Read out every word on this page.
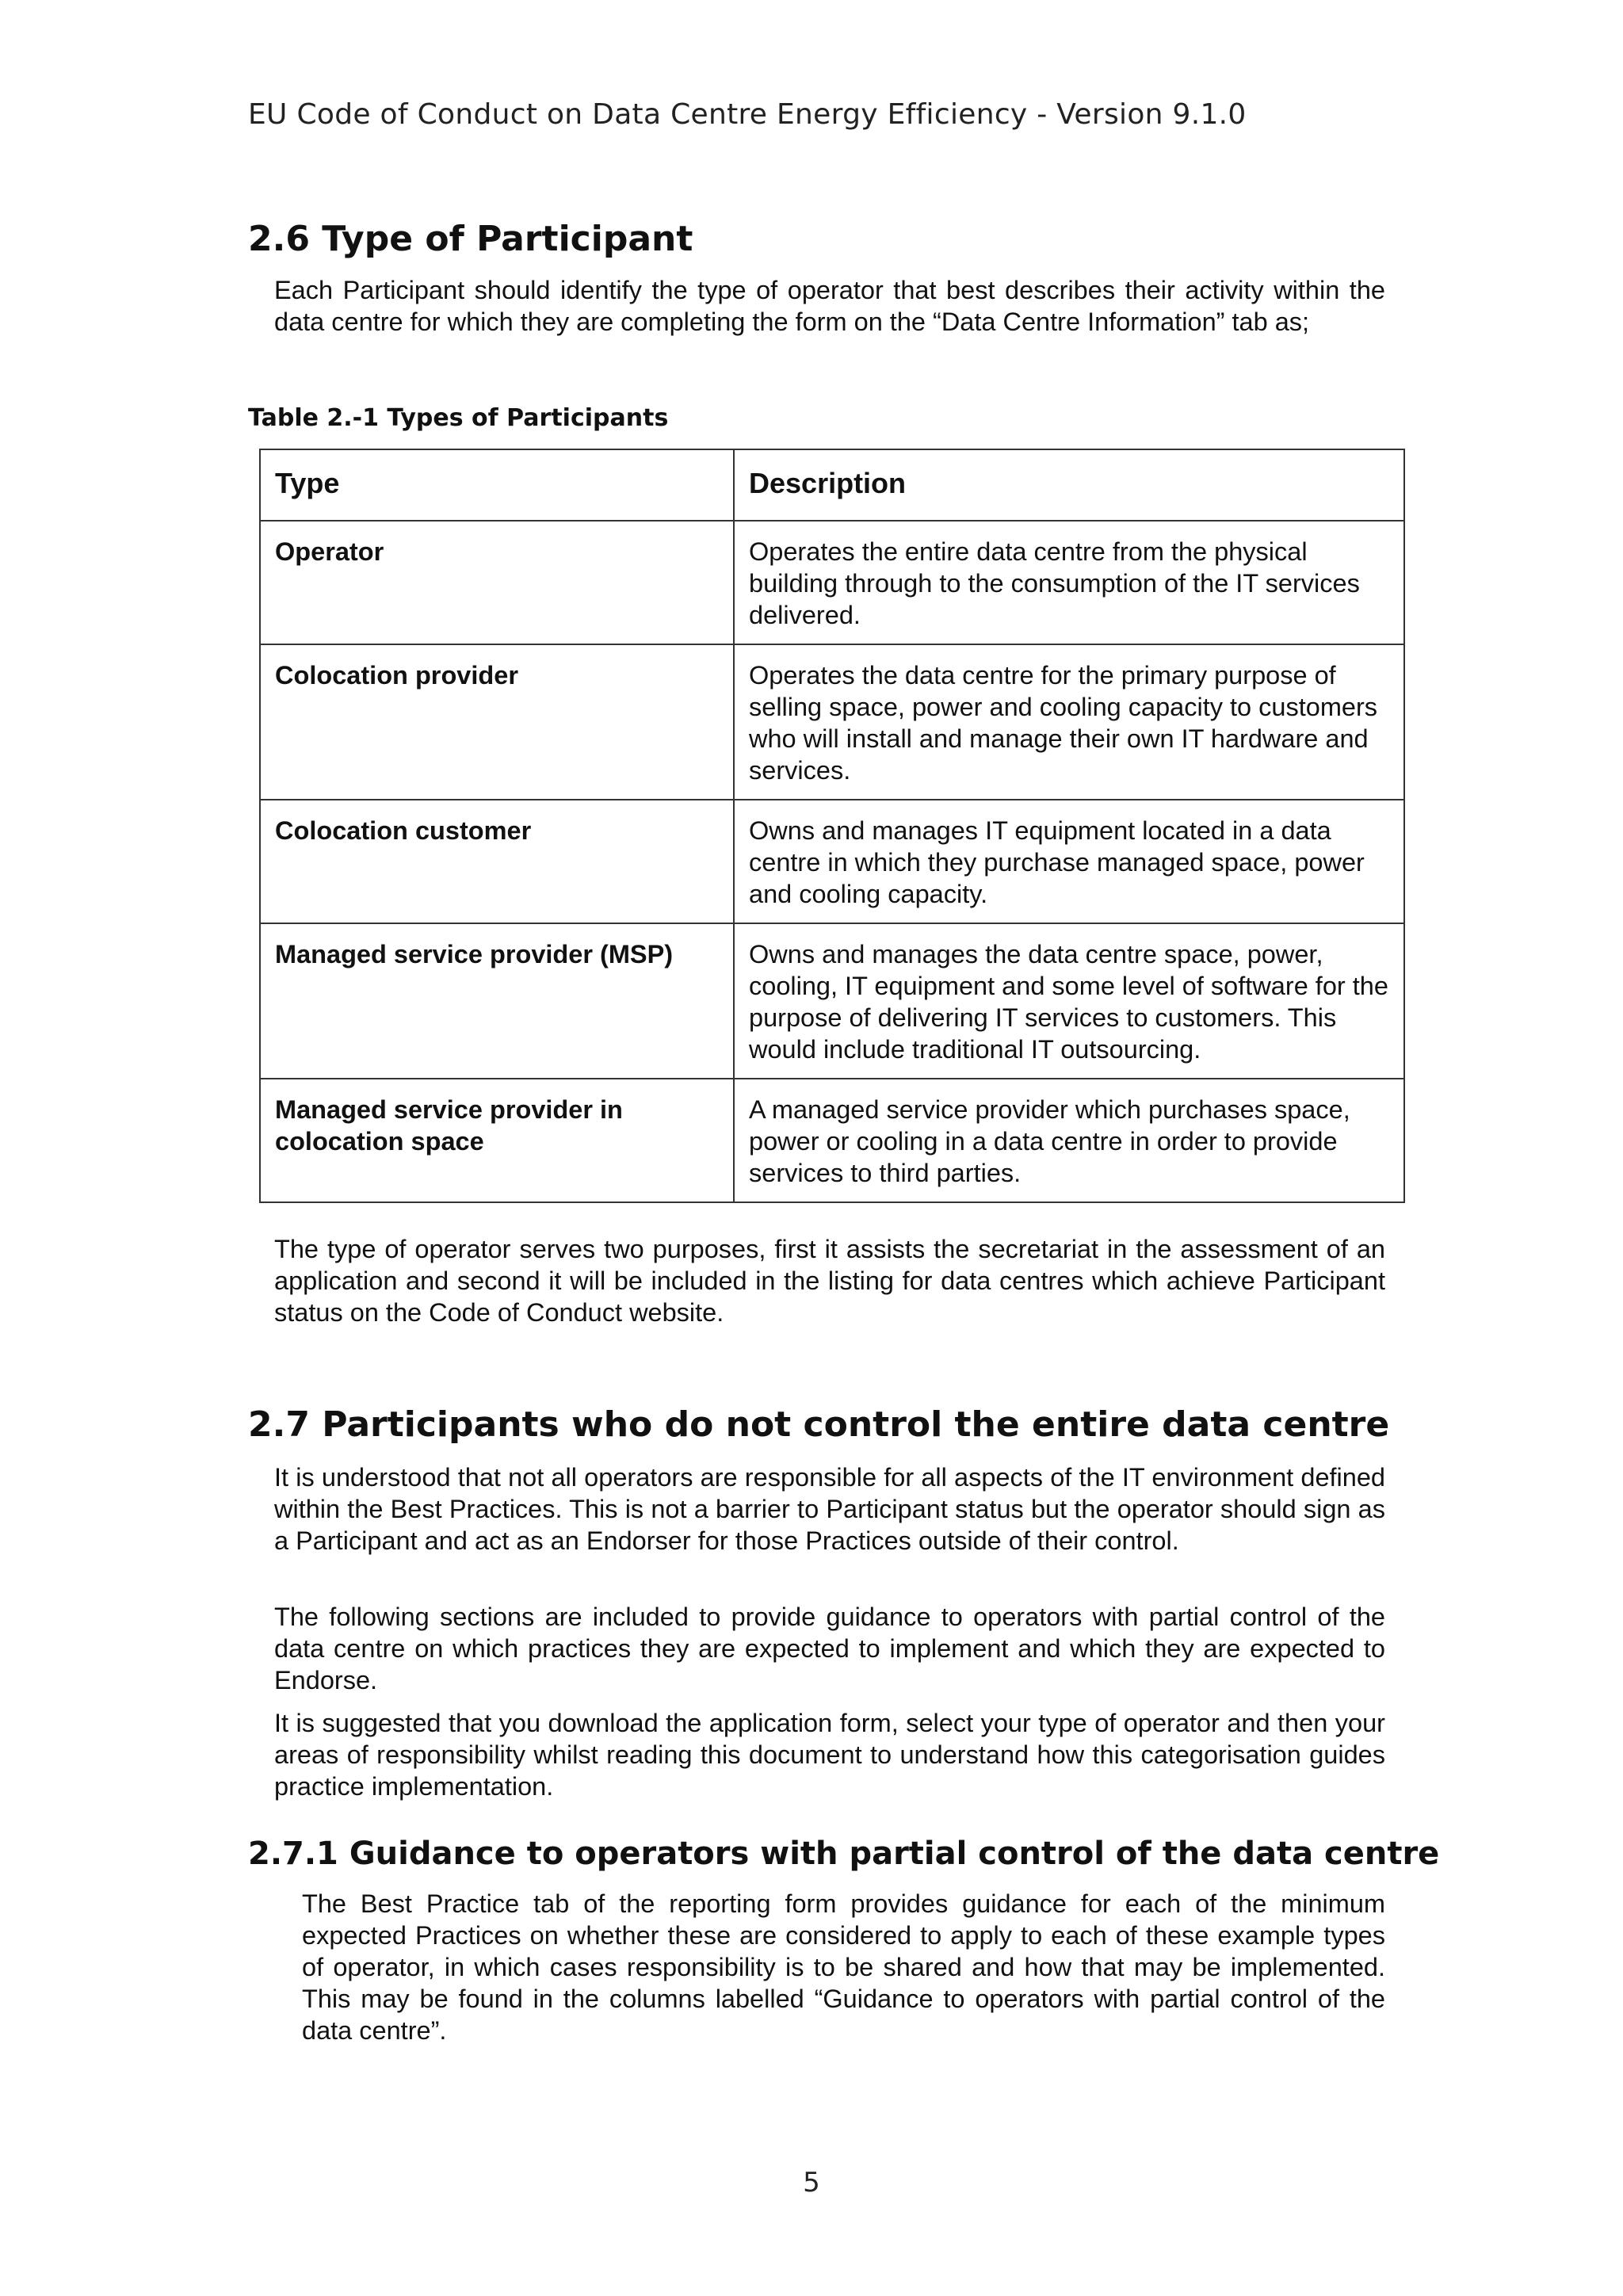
EU Code of Conduct on Data Centre Energy Efficiency - Version 9.1.0
2.6 Type of Participant
Each Participant should identify the type of operator that best describes their activity within the data centre for which they are completing the form on the “Data Centre Information” tab as;
Table 2.-1 Types of Participants
Type	Description
Operator	Operates the entire data centre from the physical building through to the consumption of the IT services delivered.
Colocation provider	Operates the data centre for the primary purpose of selling space, power and cooling capacity to customers who will install and manage their own IT hardware and services.
Colocation customer	Owns and manages IT equipment located in a data centre in which they purchase managed space, power and cooling capacity.
Managed service provider (MSP)	Owns and manages the data centre space, power, cooling, IT equipment and some level of software for the purpose of delivering IT services to customers. This would include traditional IT outsourcing.
Managed service provider in colocation space	A managed service provider which purchases space, power or cooling in a data centre in order to provide services to third parties.
The type of operator serves two purposes, first it assists the secretariat in the assessment of an application and second it will be included in the listing for data centres which achieve Participant status on the Code of Conduct website.
2.7 Participants who do not control the entire data centre
It is understood that not all operators are responsible for all aspects of the IT environment defined within the Best Practices. This is not a barrier to Participant status but the operator should sign as a Participant and act as an Endorser for those Practices outside of their control.
The following sections are included to provide guidance to operators with partial control of the data centre on which practices they are expected to implement and which they are expected to Endorse.
It is suggested that you download the application form, select your type of operator and then your areas of responsibility whilst reading this document to understand how this categorisation guides practice implementation.
2.7.1 Guidance to operators with partial control of the data centre
The Best Practice tab of the reporting form provides guidance for each of the minimum expected Practices on whether these are considered to apply to each of these example types of operator, in which cases responsibility is to be shared and how that may be implemented. This may be found in the columns labelled “Guidance to operators with partial control of the data centre”.
5
